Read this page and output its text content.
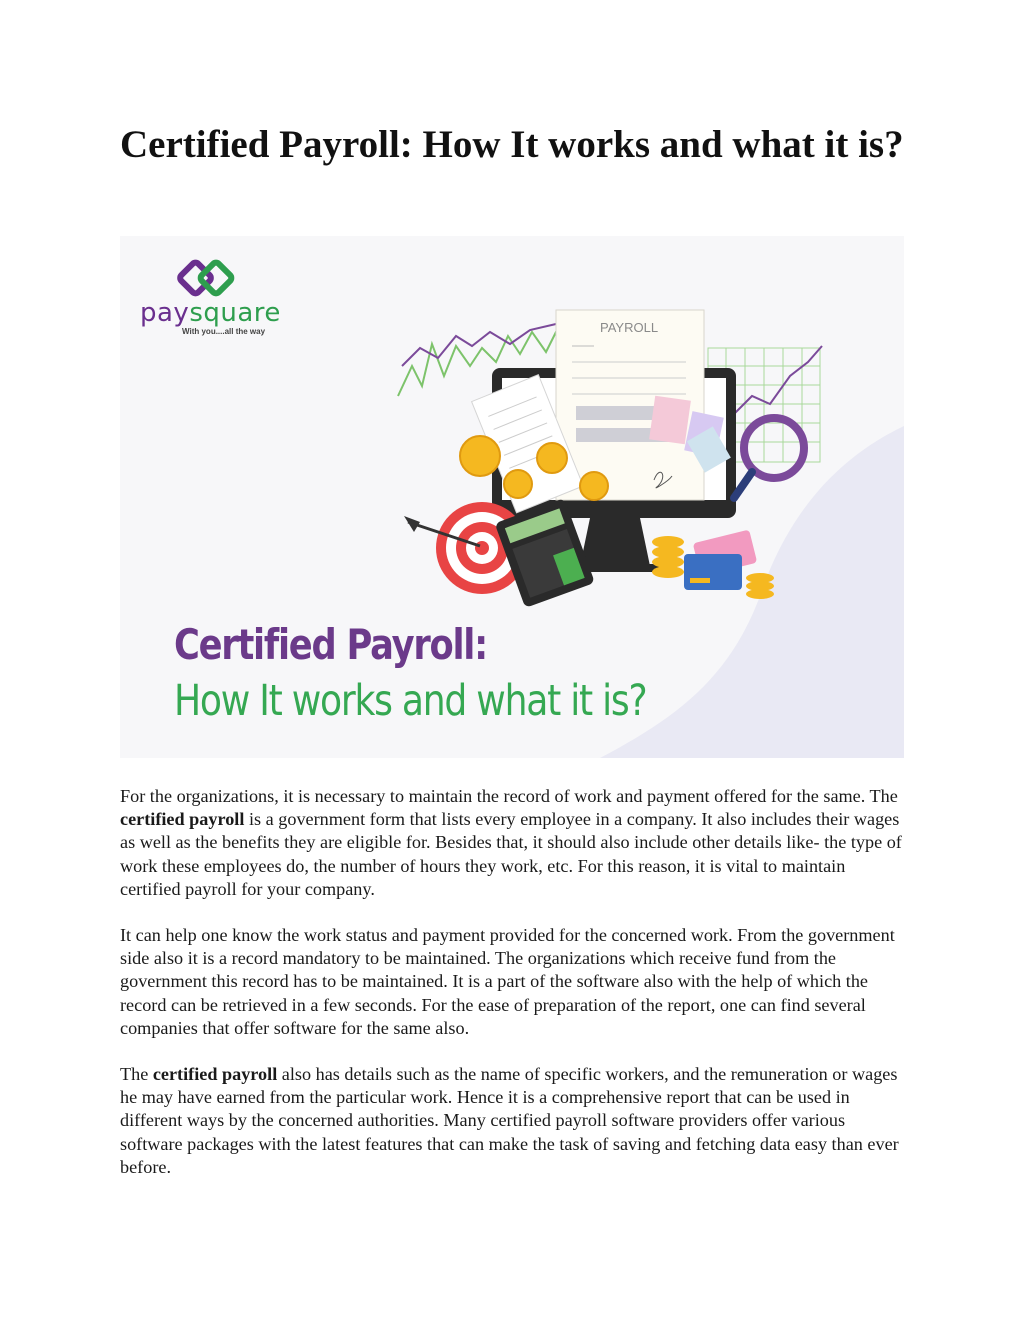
Certified Payroll: How It works and what it is?
PAYROLL
paysquare
With you....all the way
Certified Payroll:
How It works and what it is?

For the organizations, it is necessary to maintain the record of work and payment offered for the same. The certified payroll is a government form that lists every employee in a company. It also includes their wages as well as the benefits they are eligible for. Besides that, it should also include other details like- the type of work these employees do, the number of hours they work, etc. For this reason, it is vital to maintain certified payroll for your company.

It can help one know the work status and payment provided for the concerned work. From the government side also it is a record mandatory to be maintained. The organizations which receive fund from the government this record has to be maintained. It is a part of the software also with the help of which the record can be retrieved in a few seconds. For the ease of preparation of the report, one can find several companies that offer software for the same also.

The certified payroll also has details such as the name of specific workers, and the remuneration or wages he may have earned from the particular work. Hence it is a comprehensive report that can be used in different ways by the concerned authorities. Many certified payroll software providers offer various software packages with the latest features that can make the task of saving and fetching data easy than ever before.
